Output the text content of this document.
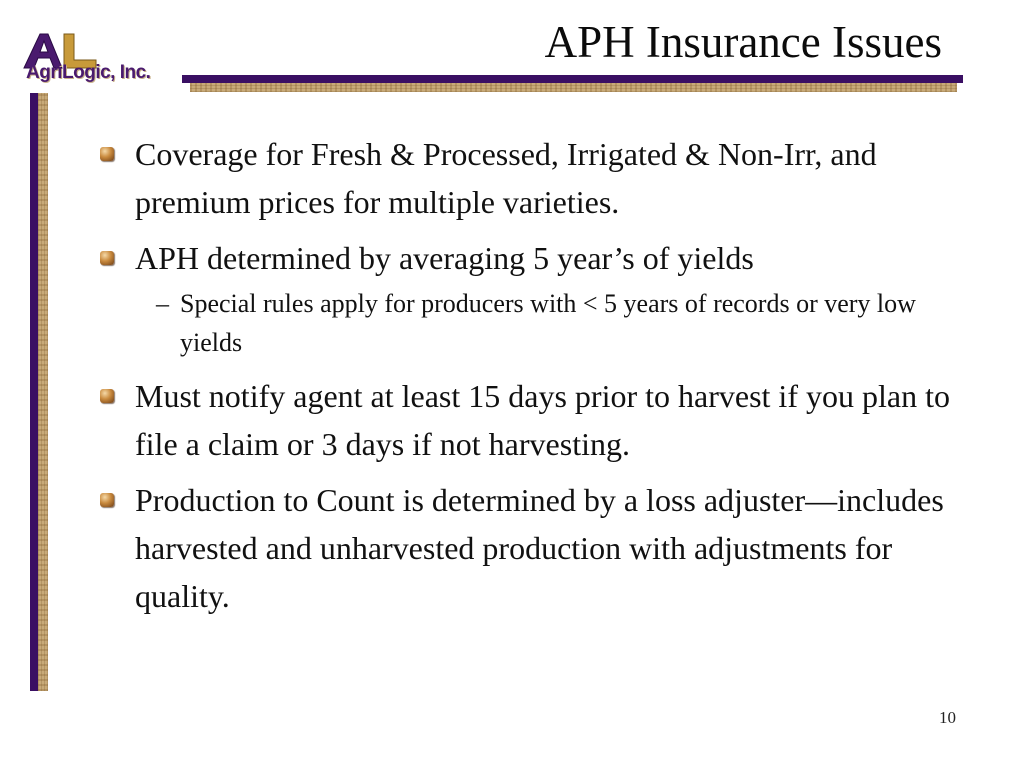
AgriLogic, Inc.
APH Insurance Issues
Coverage for Fresh & Processed, Irrigated & Non-Irr, and premium prices for multiple varieties.
APH determined by averaging 5 year’s of yields
– Special rules apply for producers with < 5 years of records or very low yields
Must notify agent at least 15 days prior to harvest if you plan to file a claim or 3 days if not harvesting.
Production to Count is determined by a loss adjuster—includes harvested and unharvested production with adjustments for quality.
10
